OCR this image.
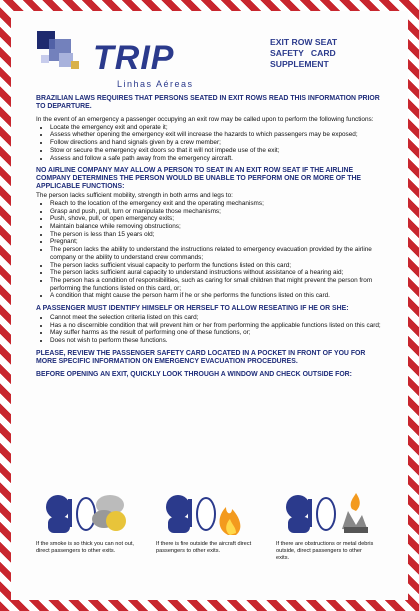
TRIP
Linhas Aéreas
EXIT ROW SEAT
SAFETY   CARD
SUPPLEMENT

BRAZILIAN LAWS REQUIRES THAT PERSONS SEATED IN EXIT ROWS READ THIS INFORMATION PRIOR TO DEPARTURE.

In the event of an emergency a passenger occupying an exit row may be called upon to perform the following functions:

• Locate the emergency exit and operate it;
• Assess whether opening the emergency exit will increase the hazards to which passengers may be exposed;
• Follow directions and hand signals given by a crew member;
• Stow or secure the emergency exit doors so that it will not impede use of the exit;
• Assess and follow a safe path away from the emergency aircraft.

NO AIRLINE COMPANY MAY ALLOW A PERSON TO SEAT IN AN EXIT ROW SEAT IF THE AIRLINE COMPANY DETERMINES THE PERSON WOULD BE UNABLE TO PERFORM ONE OR MORE OF THE APPLICABLE FUNCTIONS:

The person lacks sufficient mobility, strength in both arms and legs to:

• Reach to the location of the emergency exit and the operating mechanisms;
• Grasp and push, pull, turn or manipulate those mechanisms;
• Push, shove, pull, or open emergency exits;
• Maintain balance while removing obstructions;
• The person is less than 15 years old;
• Pregnant;
• The person lacks the ability to understand the instructions related to emergency evacuation provided by the airline company or the ability to understand crew commands;
• The person lacks sufficient visual capacity to perform the functions listed on this card;
• The person lacks sufficient aural capacity to understand instructions without assistance of a hearing aid;
• The person has a condition of responsibilities, such as caring for small children that might prevent the person from performing the functions listed on this card, or;
• A condition that might cause the person harm if he or she performs the functions listed on this card.

A PASSENGER MUST IDENTIFY HIMSELF OR HERSELF TO ALLOW RESEATING IF HE OR SHE:

• Cannot meet the selection criteria listed on this card;
• Has a no discernible condition that will prevent him or her from performing the applicable functions listed on this card;
• May suffer harms as the result of performing one of these functions, or;
• Does not wish to perform these functions.

PLEASE, REVIEW THE PASSENGER SAFETY CARD LOCATED IN A POCKET IN FRONT OF YOU FOR MORE SPECIFIC INFORMATION ON EMERGENCY EVACUATION PROCEDURES.

BEFORE OPENING AN EXIT, QUICKLY LOOK THROUGH A WINDOW AND CHECK OUTSIDE FOR:

If the smoke is so thick you can not out, direct passengers to other exits.
If there is fire outside the aircraft direct passengers to other exits.
If there are obstructions or metal debris outside, direct passengers to other exits.
